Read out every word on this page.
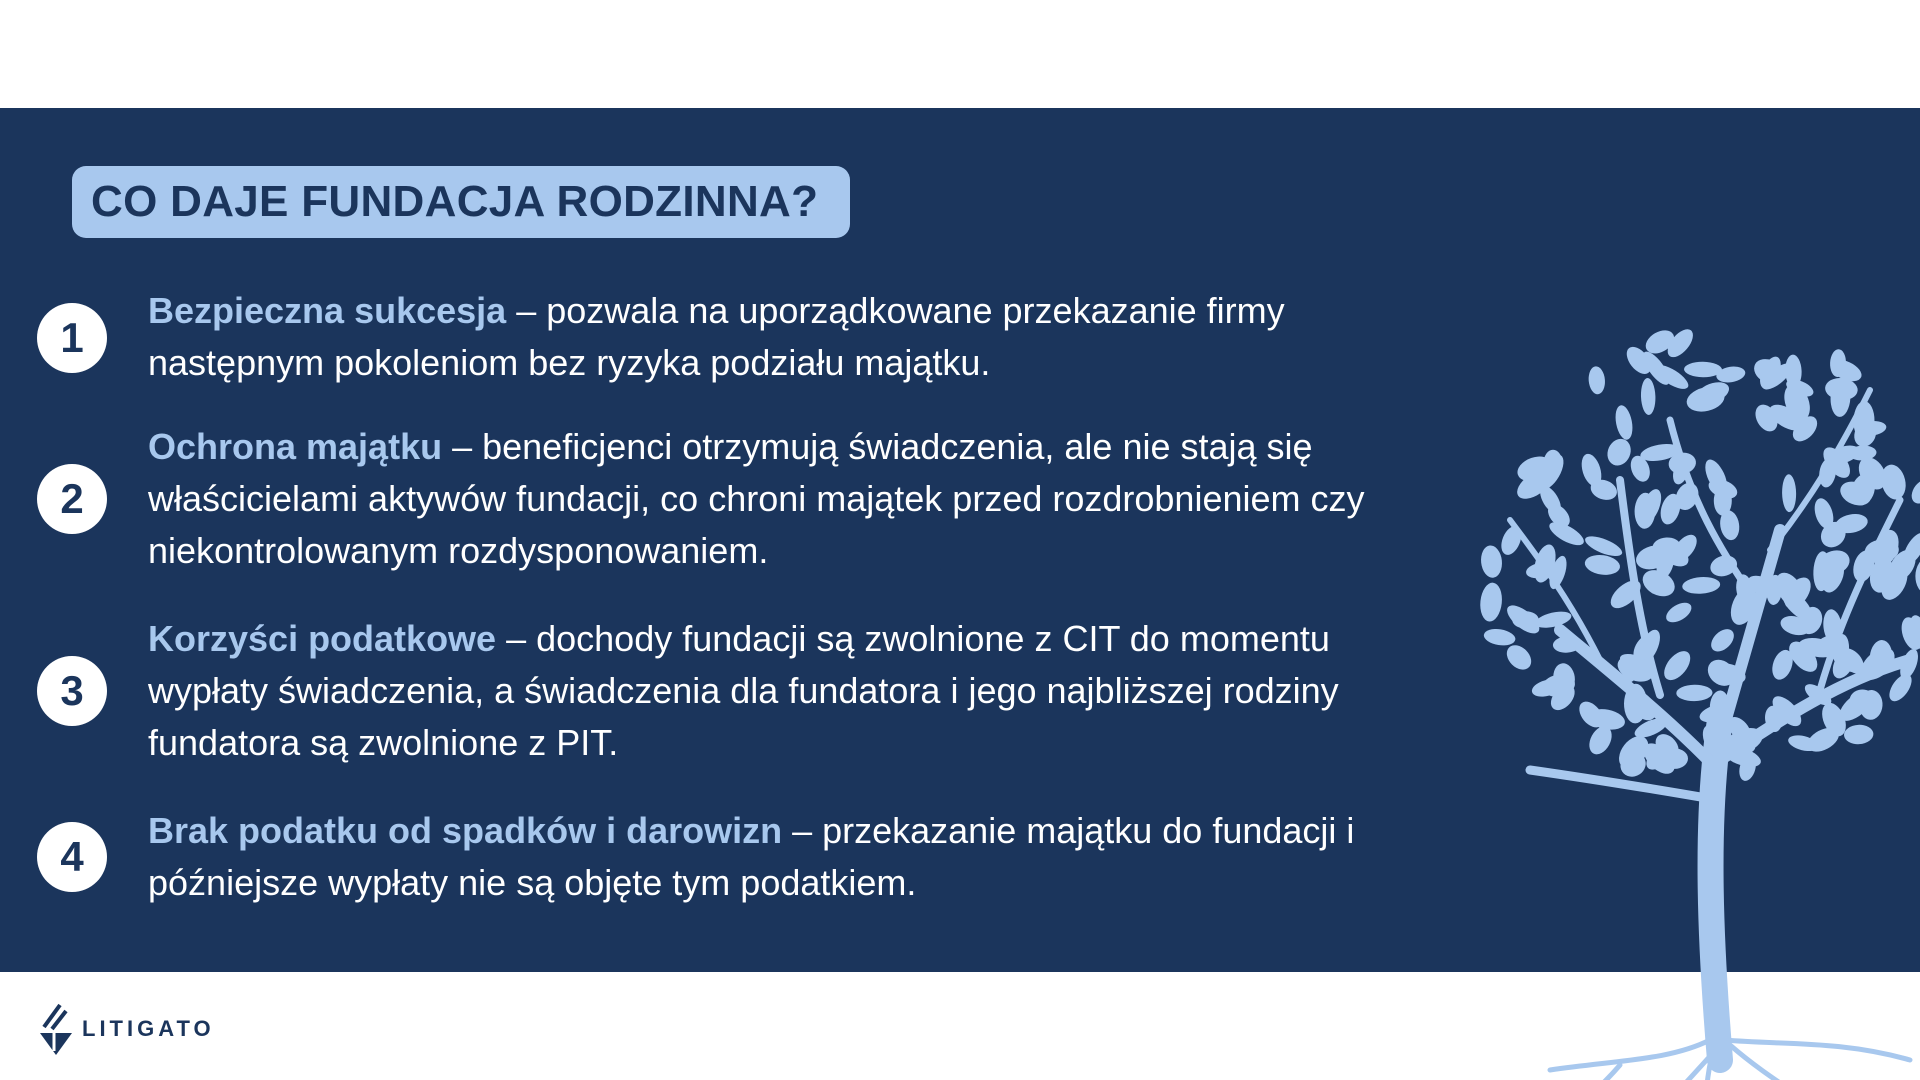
CO DAJE FUNDACJA RODZINNA?
1

Bezpieczna sukcesja – pozwala na uporządkowane przekazanie firmy następnym pokoleniom bez ryzyka podziału majątku.

2

Ochrona majątku – beneficjenci otrzymują świadczenia, ale nie stają się właścicielami aktywów fundacji, co chroni majątek przed rozdrobnieniem czy niekontrolowanym rozdysponowaniem.

3

Korzyści podatkowe – dochody fundacji są zwolnione z CIT do momentu wypłaty świadczenia, a świadczenia dla fundatora i jego najbliższej rodziny fundatora są zwolnione z PIT.

4

Brak podatku od spadków i darowizn – przekazanie majątku do fundacji i późniejsze wypłaty nie są objęte tym podatkiem.

LITIGATO
